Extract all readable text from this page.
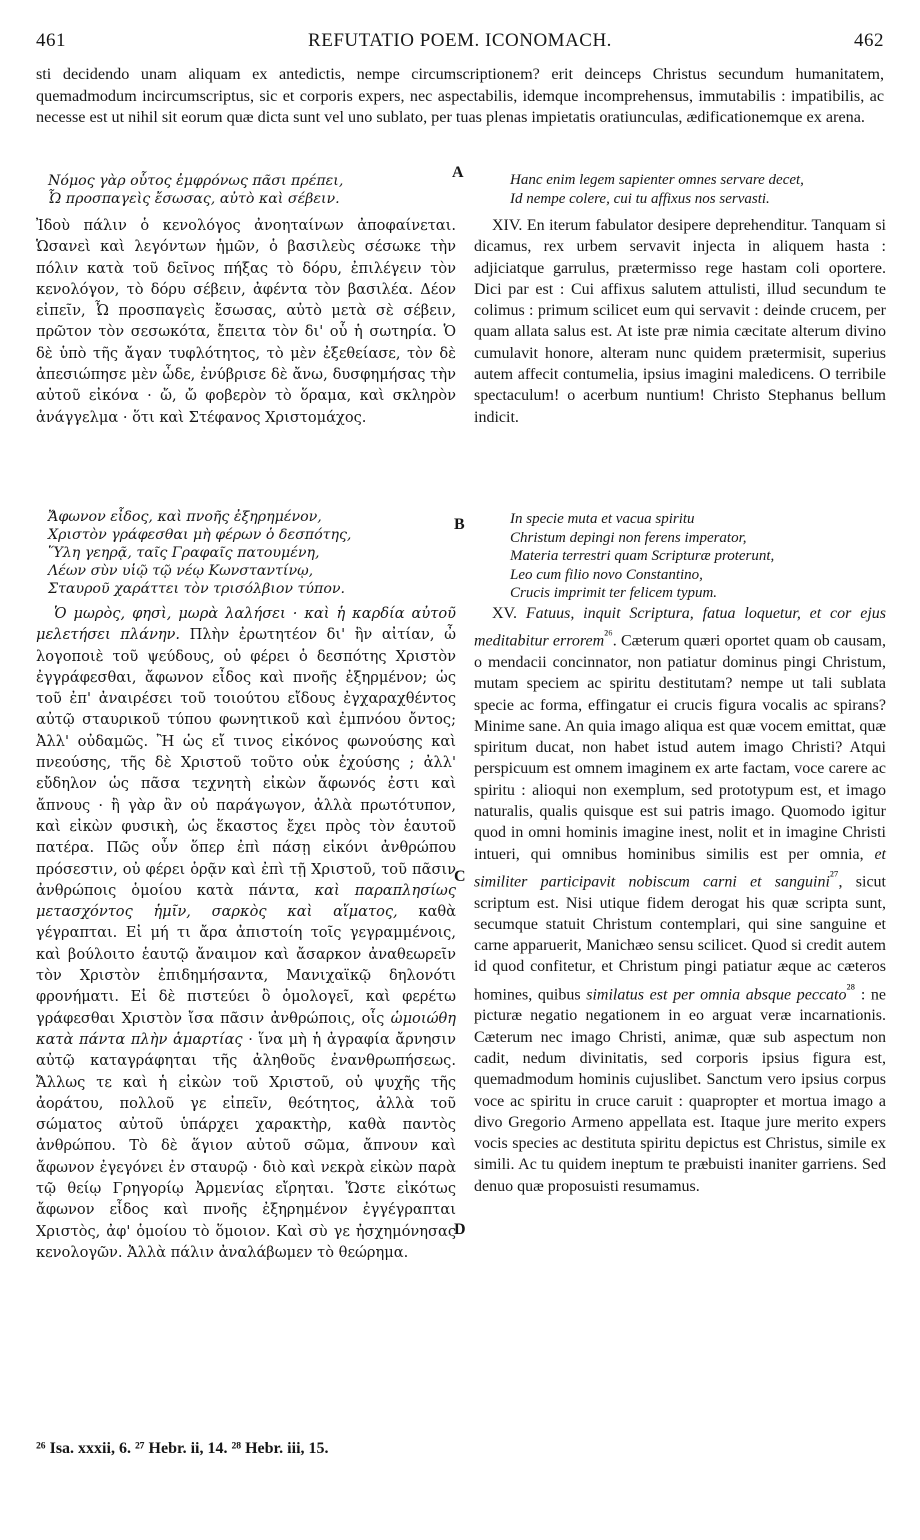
461	REFUTATIO POEM. ICONOMACH.	462
sti decidendo unam aliquam ex antedictis, nempe circumscriptionem? erit deinceps Christus secundum humanitatem, quemadmodum incircumscriptus, sic et corporis expers, nec aspectabilis, idemque incomprehensus, immutabilis : impatibilis, ac necesse est ut nihil sit eorum quæ dicta sunt vel uno sublato, per tuas plenas impietatis oratiunculas, ædificationemque ex arena.
A
B
C
D
Νόμος γὰρ οὗτος ἐμφρόνως πᾶσι πρέπει,
Ὦ προσπαγεὶς ἔσωσας, αὐτὸ καὶ σέβειν.

Ἰδοὺ πάλιν ὁ κενολόγος ἀνοηταίνων ἀποφαίνεται. Ὡσανεὶ καὶ λεγόντων ἡμῶν, ὁ βασιλεὺς σέσωκε τὴν πόλιν κατὰ τοῦ δεῖνος πήξας τὸ δόρυ, ἐπιλέγειν τὸν κενολόγον, τὸ δόρυ σέβειν, ἀφέντα τὸν βασιλέα. Δέον εἰπεῖν, Ὦ προσπαγεὶς ἔσωσας, αὐτὸ μετὰ σὲ σέβειν, πρῶτον τὸν σεσωκότα, ἔπειτα τὸν δι' οὗ ἡ σωτηρία. Ὁ δὲ ὑπὸ τῆς ἄγαν τυφλότητος, τὸ μὲν ἐξεθείασε, τὸν δὲ ἀπεσιώπησε μὲν ὧδε, ἐνύβρισε δὲ ἄνω, δυσφημήσας τὴν αὐτοῦ εἰκόνα · ὤ, ὤ φοβερὸν τὸ ὅραμα, καὶ σκληρὸν ἀνάγγελμα · ὅτι καὶ Στέφανος Χριστομάχος.

Ἄφωνον εἶδος, καὶ πνοῆς ἐξηρημένον,
Χριστὸν γράφεσθαι μὴ φέρων ὁ δεσπότης,
Ὕλη γεηρᾷ, ταῖς Γραφαῖς πατουμένη,
Λέων σὺν υἱῷ τῷ νέῳ Κωνσταντίνῳ,
Σταυροῦ χαράττει τὸν τρισόλβιον τύπον.

Ὁ μωρὸς, φησὶ, μωρὰ λαλήσει · καὶ ἡ καρδία αὐτοῦ μελετήσει πλάνην. Πλὴν ἐρωτητέον δι' ἣν αἰτίαν, ὦ λογοποιὲ τοῦ ψεύδους, οὐ φέρει ὁ δεσπότης Χριστὸν ἐγγράφεσθαι, ἄφωνον εἶδος καὶ πνοῆς ἐξηρμένον; ὡς τοῦ ἐπ' ἀναιρέσει τοῦ τοιούτου εἴδους ἐγχαραχθέντος αὐτῷ σταυρικοῦ τύπου φωνητικοῦ καὶ ἐμπνόου ὄντος; Ἀλλ' οὐδαμῶς. Ἢ ὡς εἴ τινος εἰκόνος φωνούσης καὶ πνεούσης, τῆς δὲ Χριστοῦ τοῦτο οὐκ ἐχούσης ; ἀλλ' εὔδηλον ὡς πᾶσα τεχνητὴ εἰκὼν ἄφωνός ἐστι καὶ ἄπνους · ἢ γὰρ ἂν οὐ παράγωγον, ἀλλὰ πρωτότυπον, καὶ εἰκὼν φυσικὴ, ὡς ἕκαστος ἔχει πρὸς τὸν ἑαυτοῦ πατέρα. Πῶς οὖν ὅπερ ἐπὶ πάσῃ εἰκόνι ἀνθρώπου πρόσεστιν, οὐ φέρει ὁρᾷν καὶ ἐπὶ τῇ Χριστοῦ, τοῦ πᾶσιν ἀνθρώποις ὁμοίου κατὰ πάντα, καὶ παραπλησίως μετασχόντος ἡμῖν, σαρκὸς καὶ αἵματος, καθὰ γέγραπται. Εἰ μή τι ἄρα ἀπιστοίη τοῖς γεγραμμένοις, καὶ βούλοιτο ἑαυτῷ ἄναιμον καὶ ἄσαρκον ἀναθεωρεῖν τὸν Χριστὸν ἐπιδημήσαντα, Μανιχαϊκῷ δηλονότι φρονήματι. Εἰ δὲ πιστεύει ὃ ὁμολογεῖ, καὶ φερέτω γράφεσθαι Χριστὸν ἴσα πᾶσιν ἀνθρώποις, οἷς ὡμοιώθη κατὰ πάντα πλὴν ἁμαρτίας · ἵνα μὴ ἡ ἀγραφία ἄρνησιν αὐτῷ καταγράφηται τῆς ἀληθοῦς ἐνανθρωπήσεως. Ἄλλως τε καὶ ἡ εἰκὼν τοῦ Χριστοῦ, οὐ ψυχῆς τῆς ἀοράτου, πολλοῦ γε εἰπεῖν, θεότητος, ἀλλὰ τοῦ σώματος αὐτοῦ ὑπάρχει χαρακτὴρ, καθὰ παντὸς ἀνθρώπου. Τὸ δὲ ἅγιον αὐτοῦ σῶμα, ἄπνουν καὶ ἄφωνον ἐγεγόνει ἐν σταυρῷ · διὸ καὶ νεκρὰ εἰκὼν παρὰ τῷ θείῳ Γρηγορίῳ Ἀρμενίας εἴρηται. Ὥστε εἰκότως ἄφωνον εἶδος καὶ πνοῆς ἐξηρημένον ἐγγέγραπται Χριστὸς, ἀφ' ὁμοίου τὸ ὅμοιον. Καὶ σὺ γε ἠσχημόνησας κενολογῶν. Ἀλλὰ πάλιν ἀναλάβωμεν τὸ θεώρημα.

Hanc enim legem sapienter omnes servare decet,
Id nempe colere, cui tu affixus nos servasti.

XIV. En iterum fabulator desipere deprehenditur. Tanquam si dicamus, rex urbem servavit injecta in aliquem hasta : adjiciatque garrulus, prætermisso rege hastam coli oportere. Dici par est : Cui affixus salutem attulisti, illud secundum te colimus : primum scilicet eum qui servavit : deinde crucem, per quam allata salus est. At iste præ nimia cæcitate alterum divino cumulavit honore, alteram nunc quidem prætermisit, superius autem affecit contumelia, ipsius imagini maledicens. O terribile spectaculum! o acerbum nuntium! Christo Stephanus bellum indicit.

In specie muta et vacua spiritu
Christum depingi non ferens imperator,
Materia terrestri quam Scripturæ proterunt,
Leo cum filio novo Constantino,
Crucis imprimit ter felicem typum.

XV. Fatuus, inquit Scriptura, fatua loquetur, et cor ejus meditabitur errorem$^{^{26}}$. Cæterum quæri oportet quam ob causam, o mendacii concinnator, non patiatur dominus pingi Christum, mutam speciem ac spiritu destitutam? nempe ut tali sublata specie ac forma, effingatur ei crucis figura vocalis ac spirans? Minime sane. An quia imago aliqua est quæ vocem emittat, quæ spiritum ducat, non habet istud autem imago Christi? Atqui perspicuum est omnem imaginem ex arte factam, voce carere ac spiritu : alioqui non exemplum, sed prototypum est, et imago naturalis, qualis quisque est sui patris imago. Quomodo igitur quod in omni hominis imagine inest, nolit et in imagine Christi intueri, qui omnibus hominibus similis est per omnia, et similiter participavit nobiscum carni et sanguini$^{^{27}}$, sicut scriptum est. Nisi utique fidem derogat his quæ scripta sunt, secumque statuit Christum contemplari, qui sine sanguine et carne apparuerit, Manichæo sensu scilicet. Quod si credit autem id quod confitetur, et Christum pingi patiatur æque ac cæteros homines, quibus similatus est per omnia absque peccato$^{^{28}}$ : ne picturæ negatio negationem in eo arguat veræ incarnationis. Cæterum nec imago Christi, animæ, quæ sub aspectum non cadit, nedum divinitatis, sed corporis ipsius figura est, quemadmodum hominis cujuslibet. Sanctum vero ipsius corpus voce ac spiritu in cruce caruit : quapropter et mortua imago a divo Gregorio Armeno appellata est. Itaque jure merito expers vocis species ac destituta spiritu depictus est Christus, simile ex simili. Ac tu quidem ineptum te præbuisti inaniter garriens. Sed denuo quæ proposuisti resumamus.

²⁶ Isa. xxxii, 6. ²⁷ Hebr. ii, 14. ²⁸ Hebr. iii, 15.
